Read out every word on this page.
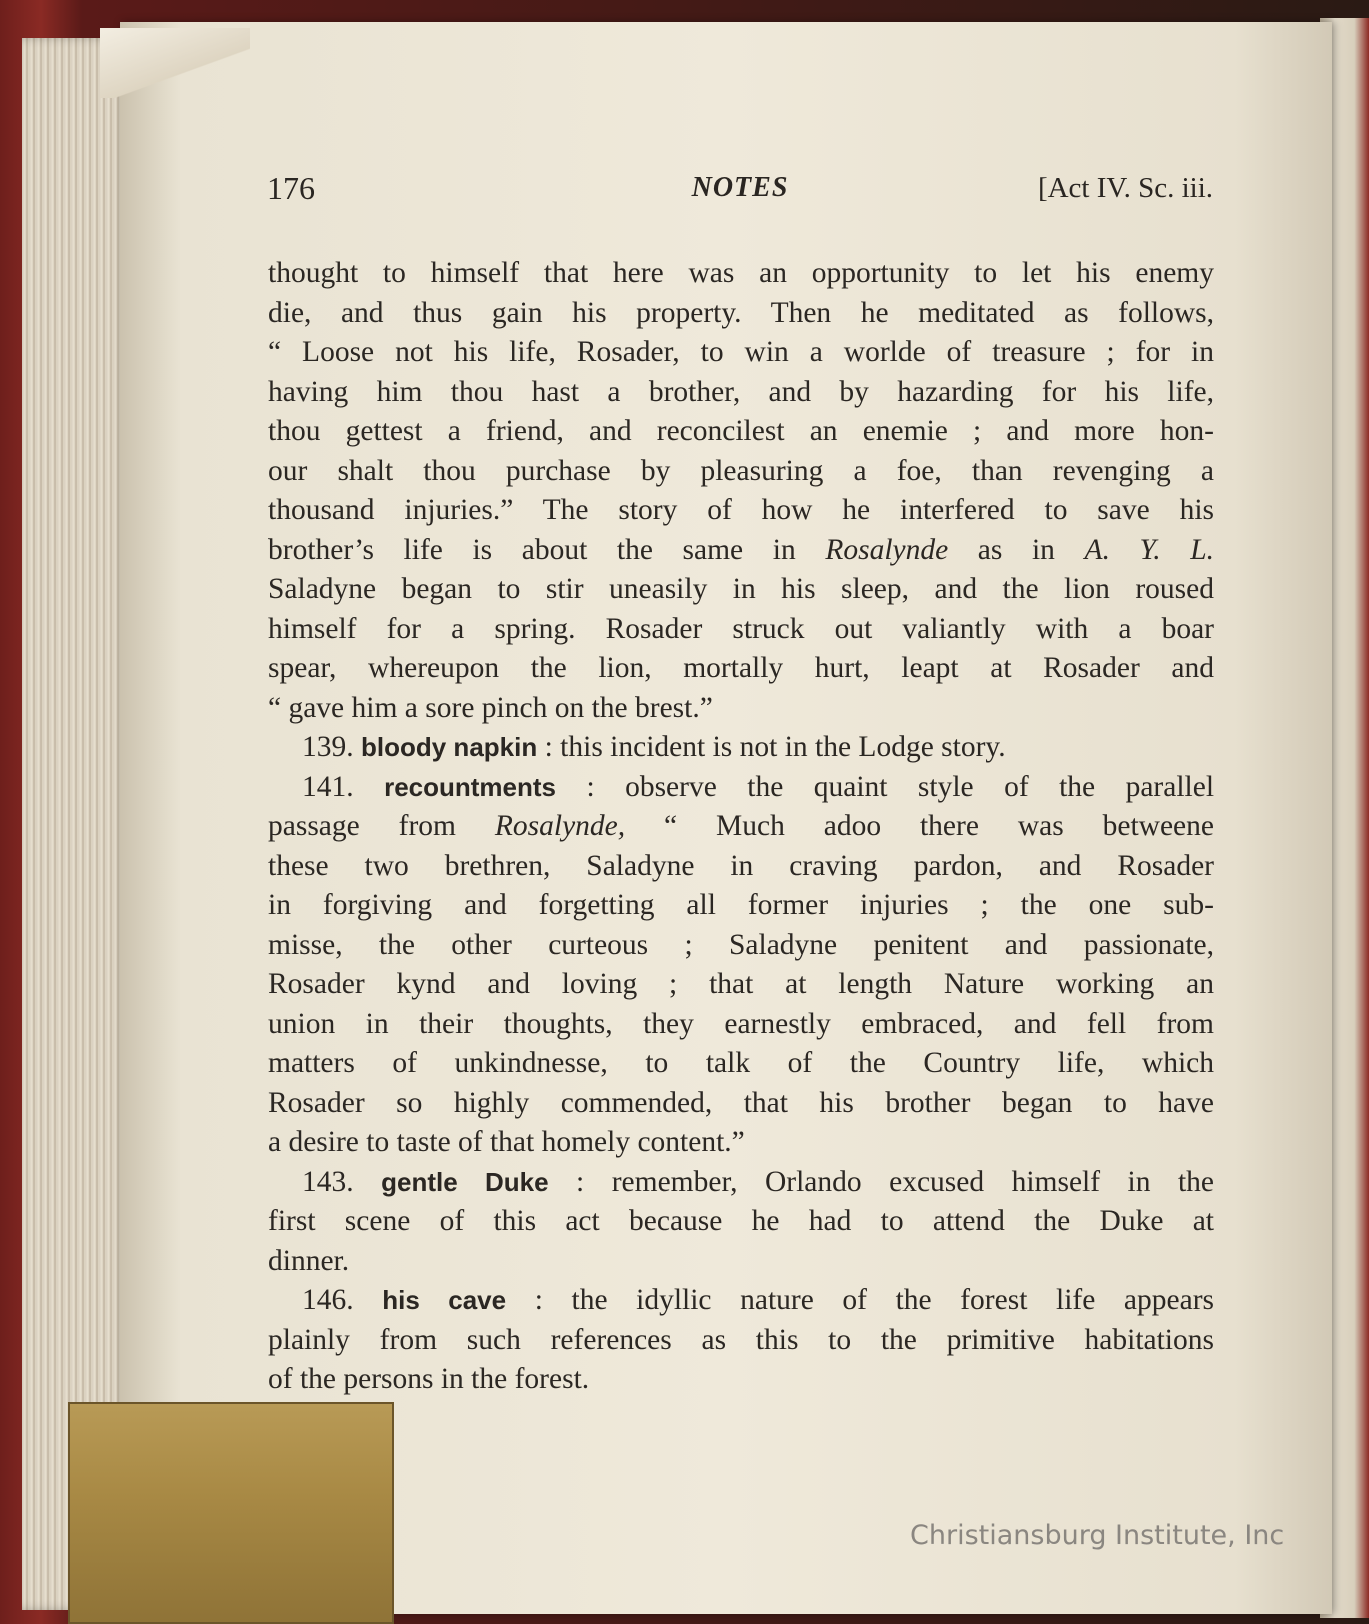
176	NOTES	[Act IV. Sc. iii.
thought to himself that here was an opportunity to let his enemy
die, and thus gain his property. Then he meditated as follows,
“ Loose not his life, Rosader, to win a worlde of treasure ; for in
having him thou hast a brother, and by hazarding for his life,
thou gettest a friend, and reconcilest an enemie ; and more hon-
our shalt thou purchase by pleasuring a foe, than revenging a
thousand injuries.” The story of how he interfered to save his
brother’s life is about the same in Rosalynde as in A. Y. L.
Saladyne began to stir uneasily in his sleep, and the lion roused
himself for a spring. Rosader struck out valiantly with a boar
spear, whereupon the lion, mortally hurt, leapt at Rosader and
“ gave him a sore pinch on the brest.”
139. bloody napkin : this incident is not in the Lodge story.
141. recountments : observe the quaint style of the parallel
passage from Rosalynde, “ Much adoo there was betweene
these two brethren, Saladyne in craving pardon, and Rosader
in forgiving and forgetting all former injuries ; the one sub-
misse, the other curteous ; Saladyne penitent and passionate,
Rosader kynd and loving ; that at length Nature working an
union in their thoughts, they earnestly embraced, and fell from
matters of unkindnesse, to talk of the Country life, which
Rosader so highly commended, that his brother began to have
a desire to taste of that homely content.”
143. gentle Duke : remember, Orlando excused himself in the
first scene of this act because he had to attend the Duke at
dinner.
146. his cave : the idyllic nature of the forest life appears
plainly from such references as this to the primitive habitations
of the persons in the forest.
Christiansburg Institute, Inc
